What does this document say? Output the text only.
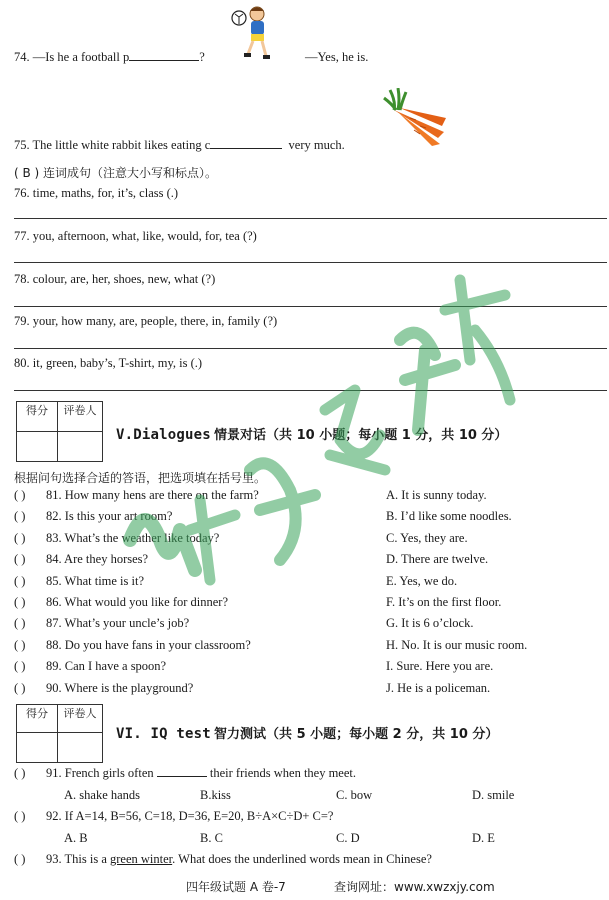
74. —Is he a football p	?	—Yes, he is.
75. The little white rabbit likes eating c	very much.
( B ) 连词成句（注意大小写和标点）。
76. time, maths, for, it’s, class (.)
77. you, afternoon, what, like, would, for, tea (?)
78. colour, are, her, shoes, new, what (?)
79. your, how many, are, people, there, in, family (?)
80. it, green, baby’s, T-shirt, my, is (.)
得分	评卷人

V.Dialogues 情景对话（共 10 小题；每小题 1 分，共 10 分）
根据问句选择合适的答语，把选项填在括号里。
( ) 81. How many hens are there on the farm?	A. It is sunny today.
( ) 82. Is this your art room?	B. I’d like some noodles.
( ) 83. What’s the weather like today?	C. Yes, they are.
( ) 84. Are they horses?	D. There are twelve.
( ) 85. What time is it?	E. Yes, we do.
( ) 86. What would you like for dinner?	F. It’s on the first floor.
( ) 87. What’s your uncle’s job?	G. It is 6 o’clock.
( ) 88. Do you have fans in your classroom?	H. No. It is our music room.
( ) 89. Can I have a spoon?	I. Sure. Here you are.
( ) 90. Where is the playground?	J. He is a policeman.
得分	评卷人

VI. IQ test 智力测试（共 5 小题；每小题 2 分，共 10 分）
( ) 91. French girls often	their friends when they meet.
A. shake hands	B.kiss	C. bow	D. smile
( ) 92. If A=14, B=56, C=18, D=36, E=20, B÷A×C÷D+ C=?
A. B	B. C	C. D	D. E
( ) 93. This is a green winter. What does the underlined words mean in Chinese?
四年级试题 A 卷-7	查询网址：www.xwzxjy.com
